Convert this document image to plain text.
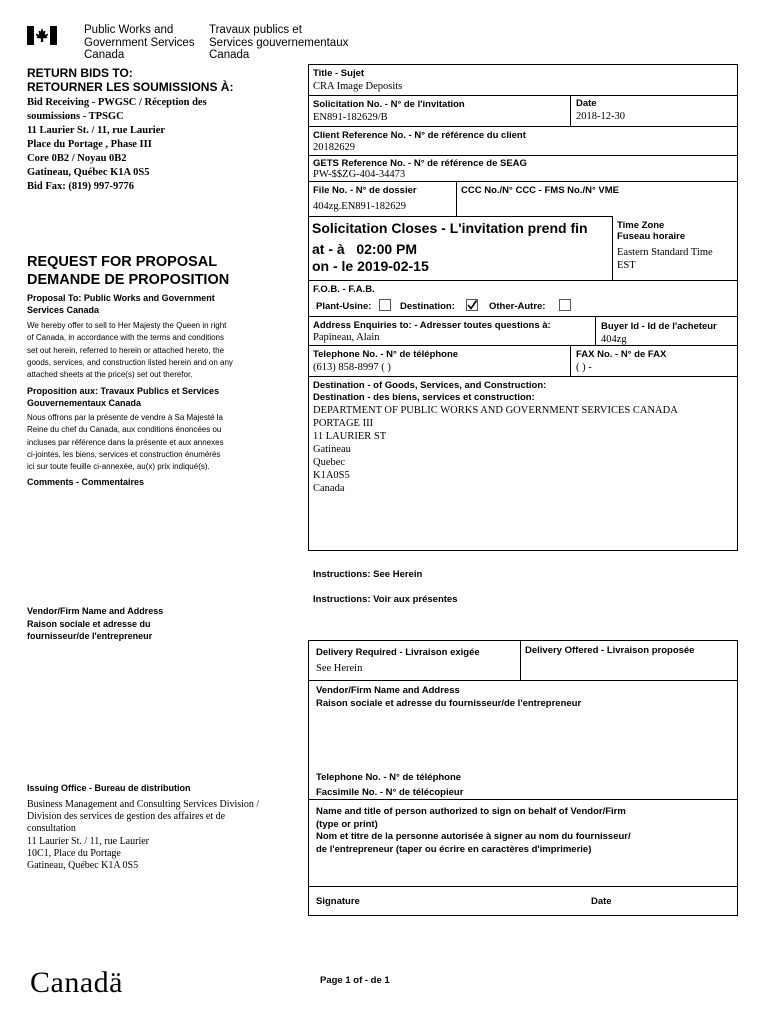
Public Works and
Government Services
Canada
Travaux publics et
Services gouvernementaux
Canada
RETURN BIDS TO:
RETOURNER LES SOUMISSIONS À:
Bid Receiving - PWGSC / Réception des
soumissions - TPSGC
11 Laurier St. / 11, rue Laurier
Place du Portage , Phase III
Core 0B2 / Noyau 0B2
Gatineau, Québec K1A 0S5
Bid Fax: (819) 997-9776
REQUEST FOR PROPOSAL
DEMANDE DE PROPOSITION
Proposal To: Public Works and Government
Services Canada
We hereby offer to sell to Her Majesty the Queen in right
of Canada, in accordance with the terms and conditions
set out herein, referred to herein or attached hereto, the
goods, services, and construction listed herein and on any
attached sheets at the price(s) set out therefor.
Proposition aux: Travaux Publics et Services
Gouvernementaux Canada
Nous offrons par la présente de vendre à Sa Majesté la
Reine du chef du Canada, aux conditions énoncées ou
incluses par référence dans la présente et aux annexes
ci-jointes, les biens, services et construction énumérés
ici sur toute feuille ci-annexée, au(x) prix indiqué(s).
Comments - Commentaires
Vendor/Firm Name and Address
Raison sociale et adresse du
fournisseur/de l'entrepreneur
Issuing Office - Bureau de distribution
Business Management and Consulting Services Division /
Division des services de gestion des affaires et de
consultation
11 Laurier St. / 11, rue Laurier
10C1, Place du Portage
Gatineau, Québec K1A 0S5
Title - Sujet
CRA Image Deposits
Solicitation No. - N° de l'invitation
EN891-182629/B
Date
2018-12-30
Client Reference No. - N° de référence du client
20182629
GETS Reference No. - N° de référence de SEAG
PW-$$ZG-404-34473
File No. - N° de dossier
404zg.EN891-182629
CCC No./N° CCC - FMS No./N° VME
Solicitation Closes - L'invitation prend fin
at - à 02:00 PM
on - le 2019-02-15
Time Zone
Fuseau horaire
Eastern Standard Time
EST
F.O.B. - F.A.B.
Plant-Usine:	Destination:	Other-Autre:
Address Enquiries to: - Adresser toutes questions à:
Papineau, Alain
Buyer Id - Id de l'acheteur
404zg
Telephone No. - N° de téléphone
(613) 858-8997 ( )
FAX No. - N° de FAX
( ) -
Destination - of Goods, Services, and Construction:
Destination - des biens, services et construction:
DEPARTMENT OF PUBLIC WORKS AND GOVERNMENT SERVICES CANADA
PORTAGE III
11 LAURIER ST
Gatineau
Quebec
K1A0S5
Canada
Instructions: See Herein
Instructions: Voir aux présentes
Delivery Required - Livraison exigée
See Herein
Delivery Offered - Livraison proposée
Vendor/Firm Name and Address
Raison sociale et adresse du fournisseur/de l'entrepreneur
Telephone No. - N° de téléphone
Facsimile No. - N° de télécopieur
Name and title of person authorized to sign on behalf of Vendor/Firm
(type or print)
Nom et titre de la personne autorisée à signer au nom du fournisseur/
de l'entrepreneur (taper ou écrire en caractères d'imprimerie)
Signature	Date
Canadä	Page 1 of - de 1
